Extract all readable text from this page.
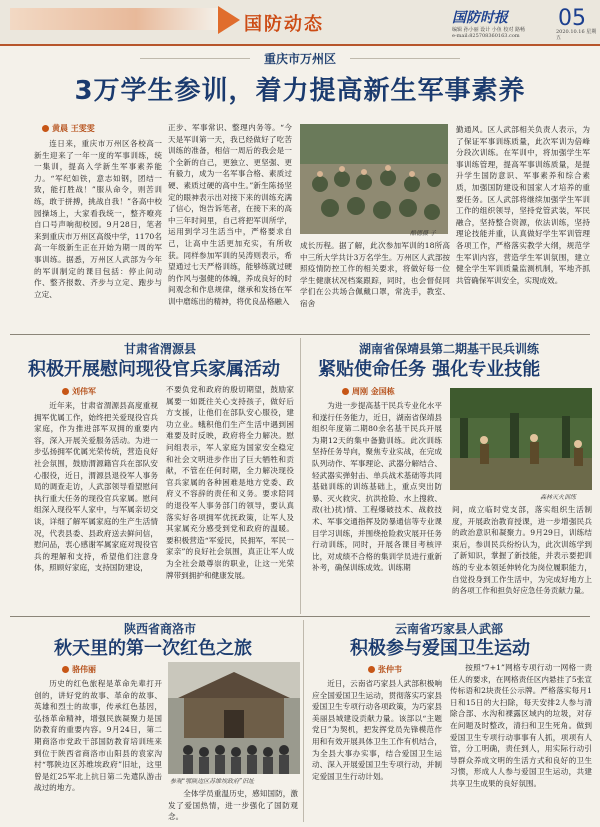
国防动态	国防时报
编辑 孙小丽 设计 小鱼 校对 路畅
e-mail:825708360163.com
05
2020.10.16 星期五
重庆市万州区
3万学生参训，着力提高新生军事素养
黄晨 王雯雯

连日来，重庆市万州区各校高一新生迎来了一年一度的军事训练，统一集训，提高入学新生军事素养能力。“军纪如铁，意志如钢，团结一致，能打胜战！”服从命令，则苦训练，敢于拼搏，挑战自我！”各高中校园操场上，大家看我统一，整齐嘹亮自口号声响彻校园。9月28日，笔者来到重庆市万州区高级中学，1170名高一年级新生正在开始为期一周的军事训练。据悉，万州区人武部为今年的军训制定的课目包括：停止间动作、整齐报数、齐步与立定、跑步与立定、

正步、军事常识、整理内务等。“今天是军训第一天，我已经做好了吃苦训练的准备，相信一周后的我会是一个全新的自己，更独立、更坚强、更有毅力，成为一名军事合格、素质过硬、素质过硬的高中生。”新生陈扬坚定的眼神表示出对接下来的训练充满了信心，饱告诉笔者，在接下来的高中三年时间里，自己将把军训所学，运用到学习生活当中，严格要求自己，让高中生活更加充实，有所收获。同样参加军训的吴涛则表示，希望通过七天严格训练，能够练就过硬的作风与强健的体魄，养成良好的时间观念和作息规律，继承和发扬在军训中磨练出的精神，将优良品格融入

酷德摄 子

成长历程。据了解，此次参加军训的18所高中三所大学共计3万名学生。万州区人武部按照疫情防控工作的相关要求，将做好每一位学生健康状况档案跟踪，同时，也会督促同学们在公共场合佩戴口罩，常洗手，教室、宿舍

勤通风。区人武部相关负责人表示，为了保证军事训练质量，此次军训为倍峰分段次训练。在军训中，将加强学生军事训练管理，提高军事训练质量，是提升学生国防意识、军事素养和综合素质，加强国防建设和国家人才培养的重要任务。区人武部将继续加强学生军训工作的组织领导，坚持党管武装，军民融合，坚持整合资源，依法训练，坚持理论技能并重，认真做好学生军训管理各项工作，严格落实教学大纲，规范学生军训内容，营造学生军训氛围，建立健全学生军训质量监测机制，军地齐抓共管确保军训安全，实现成效。

甘肃省渭源县
积极开展慰问现役官兵家属活动
刘伟军

近年来，甘肃省渭源县高度重视拥军优属工作，始终把关爱现役官兵家庭，作为推进部军双拥的重要内容，深入开展关爱服务活动。为进一步弘扬拥军优属光荣传统，营造良好社会氛围，鼓励渭源籍官兵在部队安心服役，近日，渭源县退役军人事务局的调查走访，人武部领导看望慰问执行重大任务的现役官兵家属。慰问组深入现役军人家中，与军属亲切交谈，详细了解军属家庭的生产生活情况，代表县委、县政府送去鲜问信，慰问品，衷心感谢军属家庭对现役官兵的理解和支持，希望他们注意身体，照顾好家庭，支持国防建设，

不要负党和政府的殷切期望，鼓励家属要一如既往关心支持孩子，做好后方支援，让他们在部队安心服役，建功立业。蛾积他们生产生活中遇到困难要及时反映，政府将全力解决。慰问组表示，军人家庭为国家安全稳定和社会文明进步作出了巨大牺牲和贡献，不管在任何时期，全力解决现役官兵家属的各种困难是地方党委、政府义不容辞的责任和义务。要求陪同的退役军人事务部门的领导，要认真落实好各项拥军优抚政策，让军人及其家属充分感受到党和政府的温暖。要积极营造“军爱民，民拥军，军民一家亲”的良好社会氛围，真正让军人成为全社会最尊崇的职业，让这一光荣牌带到拥护和健康发展。

湖南省保靖县第二期基干民兵训练
紧贴使命任务 强化专业技能
周刚 金国栋

为进一步提高基干民兵专业化水平和遂行任务能力，近日，湖南省保靖县组织年度第二期80余名基干民兵开展为期12天的集中备勤训练。此次训练坚持任务导向，聚焦专业实战，在完成队列动作、军事理论、武器分解结合、轻武器实弹射击、单兵战术基础等共同基础训练的训练基础上，重点突出防暴、灭火救灾、抗洪抢险、水上搜救、敌(社)扰)情、工程爆破技术、战救技术、军事交通指挥及防暴通信等专业课目学习训练，并围绕抢险救灾展开任务行动训练，同时，开展各课目考核评比，对成绩不合格的集训学员进行重新补考，确保训练成效。训练期

森林灭火训练

间，成立临时党支部，落实组织生活制度，开展政治教育授课，进一步增强民兵的政治意识和凝聚力。9月29日，训练结束后，参训民兵纷纷认为，此次训练学到了新知识，掌握了新技能，并表示要把训练的专业本领延伸转化为岗位履职能力，自觉投身到工作生活中，为完成好地方上的各项工作和担负好应急任务贡献力量。

陕西省商洛市
秋天里的第一次红色之旅
骆伟丽

历史的红色旅程是革命先辈打开创的，讲好党的故事、革命的故事、英雄和烈士的故事，传承红色基因，弘扬革命精神，增强民族凝聚力是国防教育的重要内容。9月24日，第二期商洛市党政干部国防教育培训班来到位于陕西省商洛市山阳县的袁家沟村“鄂陕边区苏维埃政府”旧址，这里曾是红25军北上抗日第二先遣队游击战过的地方。

参观“鄂陕边区苏维埃政府”旧址

全体学员重温历史，感知国防，激发了爱国热情，进一步强化了国防观念。

云南省巧家县人武部
积极参与爱国卫生运动
张仲韦

近日，云南省巧家县人武部积极响应全国爱国卫生运动，贯彻落实巧家县爱国卫生专项行动各项政策，为巧家县美丽县城建设贡献力量。该部以“主题党日”为契机，把发挥党员先锋模范作用和有效开展具体卫生工作有机结合，为全县大事办实事，结合爱国卫生运动、深入开展爱国卫生专项行动，并制定爱国卫生行动计划。

按照“7+1”网格专项行动一网格一责任人的要求，在网格责任区内悬挂了5张宣传标语和2块责任公示牌。严格落实每月1日和15日的大扫除，每天安排2人参与清除合部、水沟和裸露区域内的垃圾，对存在问题及时整改，清扫和卫生死角。做到爱国卫生专项行动事事有人抓，项项有人管，分工明确，责任到人，用实际行动引导群众养成文明的生活方式和良好的卫生习惯，形成人人参与爱国卫生运动，共建共享卫生成果的良好氛围。
